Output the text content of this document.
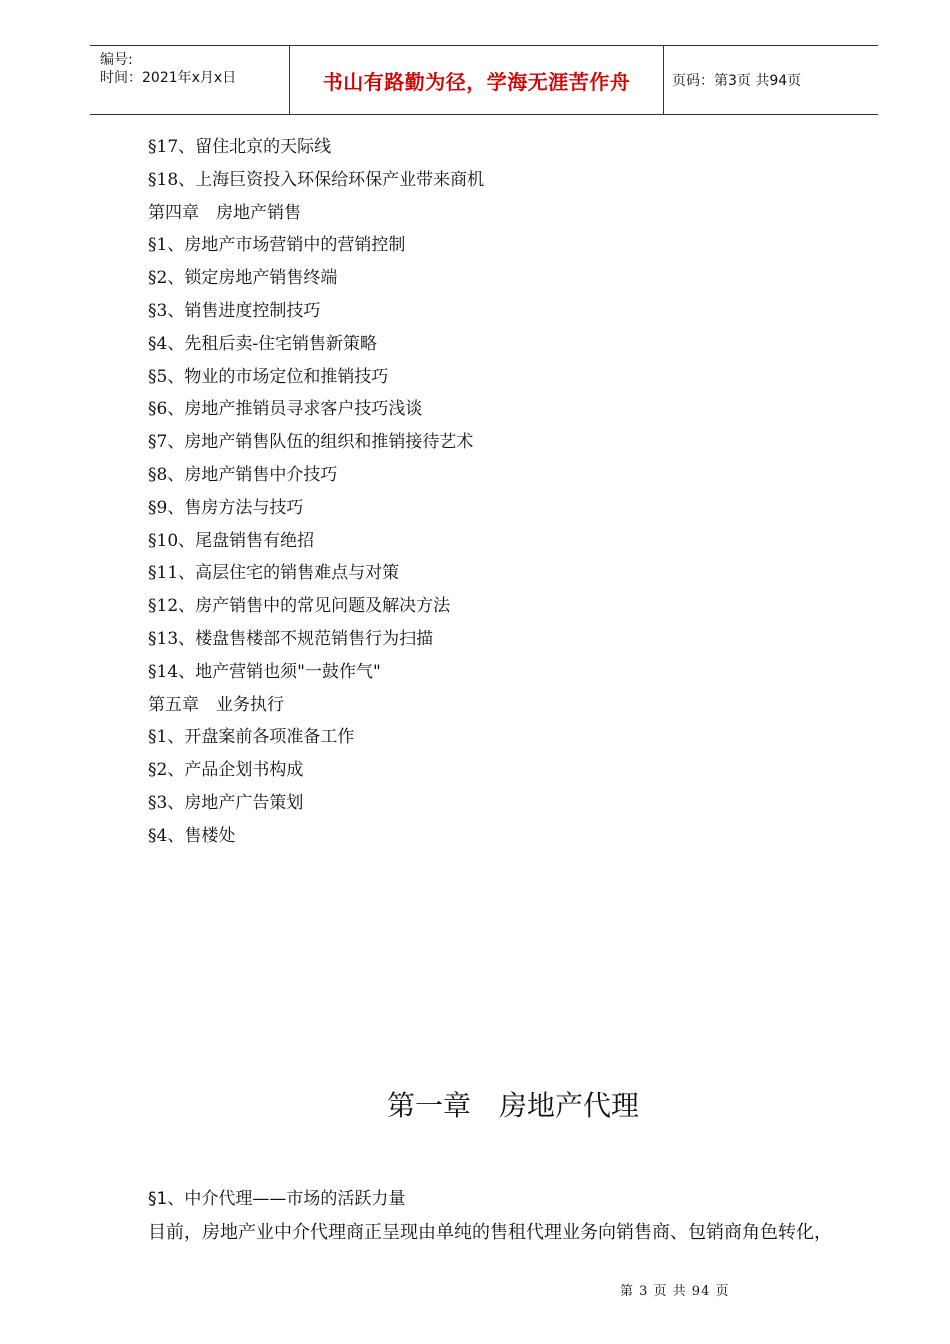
编号:
时间：2021年x月x日	书山有路勤为径，学海无涯苦作舟	页码：第3页 共94页
§17、留住北京的天际线
§18、上海巨资投入环保给环保产业带来商机
第四章　房地产销售
§1、房地产市场营销中的营销控制
§2、锁定房地产销售终端
§3、销售进度控制技巧
§4、先租后卖-住宅销售新策略
§5、物业的市场定位和推销技巧
§6、房地产推销员寻求客户技巧浅谈
§7、房地产销售队伍的组织和推销接待艺术
§8、房地产销售中介技巧
§9、售房方法与技巧
§10、尾盘销售有绝招
§11、高层住宅的销售难点与对策
§12、房产销售中的常见问题及解决方法
§13、楼盘售楼部不规范销售行为扫描
§14、地产营销也须"一鼓作气"
第五章　业务执行
§1、开盘案前各项准备工作
§2、产品企划书构成
§3、房地产广告策划
§4、售楼处
第一章　房地产代理
§1、中介代理——市场的活跃力量
目前，房地产业中介代理商正呈现由单纯的售租代理业务向销售商、包销商角色转化，
第 3 页 共 94 页
